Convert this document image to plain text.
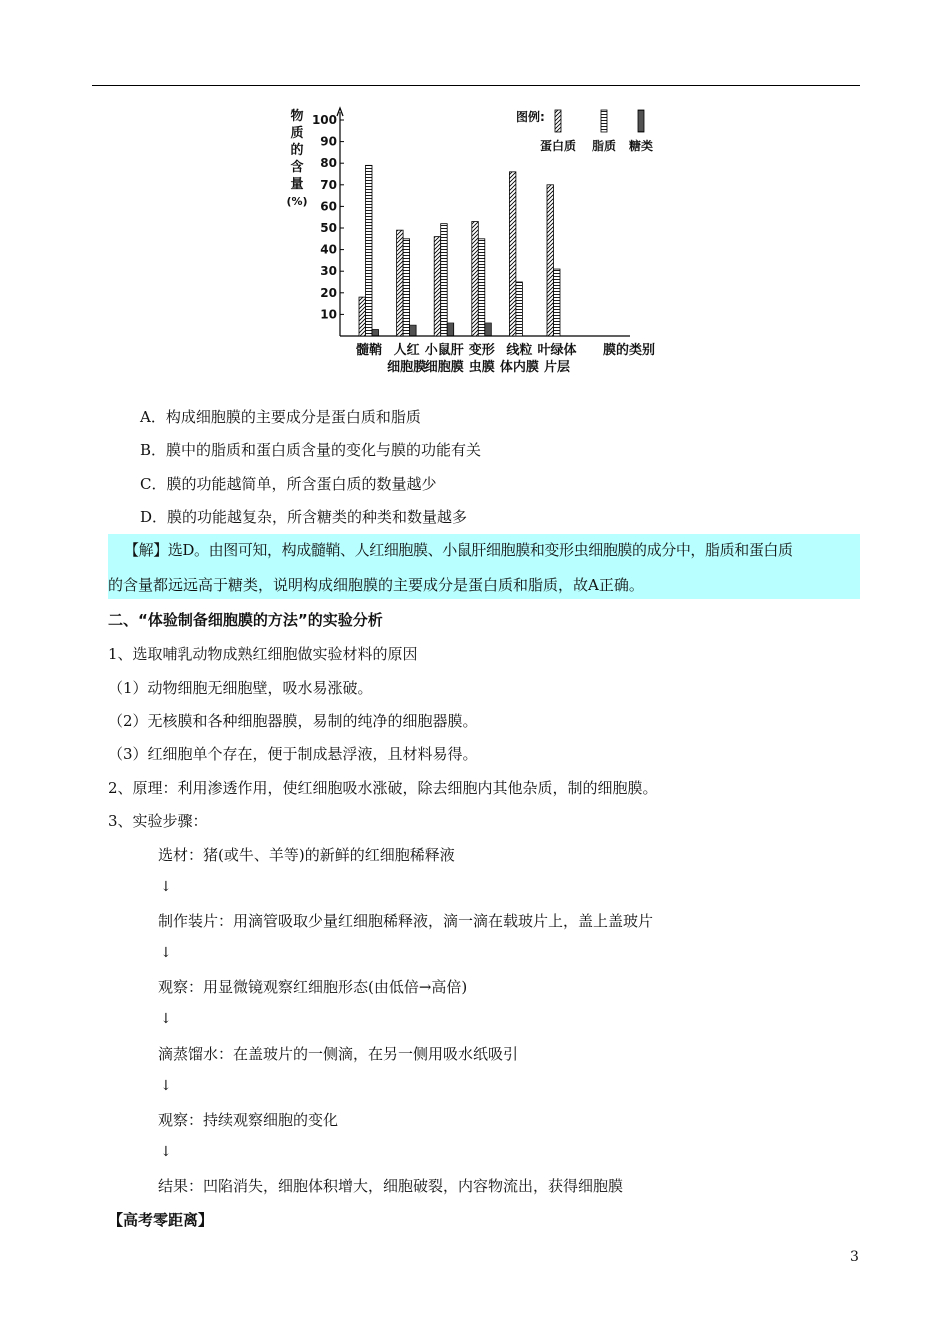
10
20
30
40
50
60
70
80
90
100
物
质
的
含
量
(%)
髓鞘 人红
细胞膜
小鼠肝
细胞膜
变形
虫膜
线粒
体内膜
叶绿体
片层
膜的类别
图例:
蛋白质 脂质 糖类
A．构成细胞膜的主要成分是蛋白质和脂质
B．膜中的脂质和蛋白质含量的变化与膜的功能有关
C．膜的功能越简单，所含蛋白质的数量越少
D．膜的功能越复杂，所含糖类的种类和数量越多
【解】选D。由图可知，构成髓鞘、人红细胞膜、小鼠肝细胞膜和变形虫细胞膜的成分中，脂质和蛋白质
的含量都远远高于糖类，说明构成细胞膜的主要成分是蛋白质和脂质，故A正确。
二、“体验制备细胞膜的方法”的实验分析
1、选取哺乳动物成熟红细胞做实验材料的原因
（1）动物细胞无细胞壁，吸水易涨破。
（2）无核膜和各种细胞器膜，易制的纯净的细胞器膜。
（3）红细胞单个存在，便于制成悬浮液，且材料易得。
2、原理：利用渗透作用，使红细胞吸水涨破，除去细胞内其他杂质，制的细胞膜。
3、实验步骤：
选材：猪(或牛、羊等)的新鲜的红细胞稀释液
↓
制作装片：用滴管吸取少量红细胞稀释液，滴一滴在载玻片上，盖上盖玻片
↓
观察：用显微镜观察红细胞形态(由低倍→高倍)
↓
滴蒸馏水：在盖玻片的一侧滴，在另一侧用吸水纸吸引
↓
观察：持续观察细胞的变化
↓
结果：凹陷消失，细胞体积增大，细胞破裂，内容物流出，获得细胞膜
【高考零距离】
3
